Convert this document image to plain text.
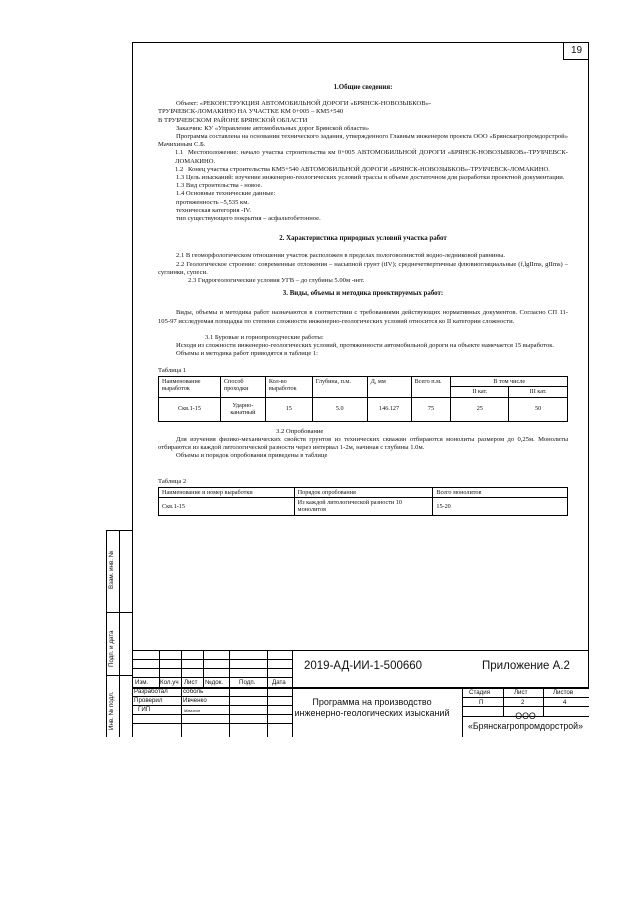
19

1.Общие сведения:

Объект: «РЕКОНСТРУКЦИЯ АВТОМОБИЛЬНОЙ ДОРОГИ «БРЯНСК-НОВОЗЫБКОВ»-

ТРУБЧЕВСК-ЛОМАКИНО НА УЧАСТКЕ КМ 0+005 – КМ5+540

В ТРУБЧЕВСКОМ РАЙОНЕ БРЯНСКОЙ ОБЛАСТИ

Заказчик: КУ «Управление автомобильных дорог Брянской области»

Программа составлена на основании технического задания, утвержденного Главным инженером проекта ООО «Брянскагропромдорстрой» Мачихиным С.Б.

1.1 Местоположение: начало участка строительства км 0+005 АВТОМОБИЛЬНОЙ ДОРОГИ «БРЯНСК-НОВОЗЫБКОВ»-ТРУБЧЕВСК-ЛОМАКИНО.

1.2 Конец участка строительства КМ5+540 АВТОМОБИЛЬНОЙ ДОРОГИ «БРЯНСК-НОВОЗЫБКОВ»-ТРУБЧЕВСК-ЛОМАКИНО.

1.3 Цель изысканий: изучение инженерно-геологических условий трассы в объеме достаточном для разработки проектной документации.

1.3 Вид строительства - новое.

1.4 Основные технические данные:

протяженность –5,535 км.

техническая категория -IV.

тип существующего покрытия – асфальтобетонное.

2. Характеристика природных условий участка работ

2.1 В геоморфологическом отношении участок расположен в пределах пологоволнистой водно-ледниковой равнины.

2.2 Геологическое строение: современные отложения – насыпной грунт (tIV); среднечетвертичные флювиогляциальные (f,lgIIms, gIIms) – суглинки, супеси.

2.3 Гидрогеологические условия УГВ – до глубины 5.00м -нет.

3. Виды, объемы и методика проектируемых работ:

Виды, объемы и методика работ назначаются в соответствии с требованиями действующих нормативных документов. Согласно СП 11-105-97 исследуемая площадка по степени сложности инженерно-геологических условий относится ко II категории сложности.

3.1 Буровые и горнопроходческие работы:

Исходя из сложности инженерно-геологических условий, протяженности автомобильной дороги на объекте намечается 15 выработок.

Объемы и методика работ приводятся в таблице 1:

Таблица 1

Наименование выработок	Способ проходки	Кол-во выработок	Глубина, п.м.	Д, мм	Всего п.м.	В том числе	
						II кат.	III кат.
Скв.1-15	Ударно-канатный	15	5.0	146.127	75	25	50

3.2 Опробование

Для изучения физико-механических свойств грунтов из технических скважин отбираются монолиты размером до 0,25м. Монолиты отбираются из каждой литологической разности через интервал 1-2м, начиная с глубины 1.0м.

Объемы и порядок опробования приведены в таблице

Таблица 2

Наименование и номер выработки	Порядок опробования	Всего монолитов
Скв.1-15	Из каждой литологической разности 10 монолитов	15-20
2019-АД-ИИ-1-500660	Приложение А.2
Изм. Кол.уч Лист №док.	Подп.	Дата
Разработал соболь
Проверил	Ивченко
ГИП	Мачихин
Программа на производство инженерно-геологических изысканий
Стадия	Лист	Листов
П	2	4
ООО «Брянскагропромдорстрой»
Взам. инв. №
Подп. и дата
Инв. № подл.
